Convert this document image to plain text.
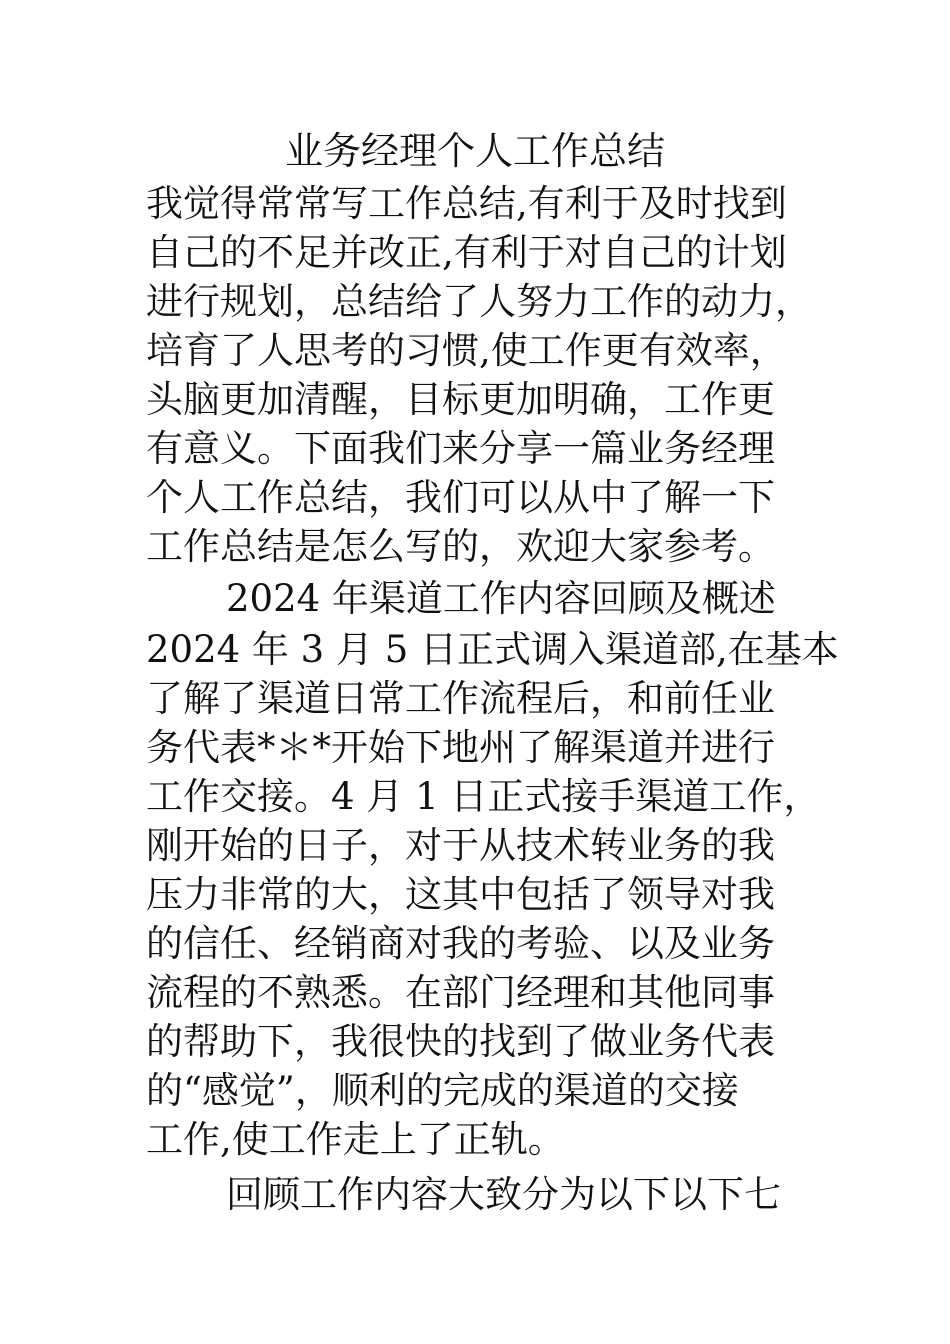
业务经理个人工作总结
我觉得常常写工作总结,有利于及时找到
自己的不足并改正,有利于对自己的计划
进行规划，总结给了人努力工作的动力，
培育了人思考的习惯,使工作更有效率，
头脑更加清醒，目标更加明确，工作更
有意义。下面我们来分享一篇业务经理
个人工作总结，我们可以从中了解一下
工作总结是怎么写的，欢迎大家参考。
2024 年渠道工作内容回顾及概述
2024 年 3 月 5 日正式调入渠道部,在基本
了解了渠道日常工作流程后，和前任业
务代表*＊*开始下地州了解渠道并进行
工作交接。4 月 1 日正式接手渠道工作，
刚开始的日子，对于从技术转业务的我
压力非常的大，这其中包括了领导对我
的信任、经销商对我的考验、以及业务
流程的不熟悉。在部门经理和其他同事
的帮助下，我很快的找到了做业务代表
的“感觉”，顺利的完成的渠道的交接
工作,使工作走上了正轨。
回顾工作内容大致分为以下以下七
